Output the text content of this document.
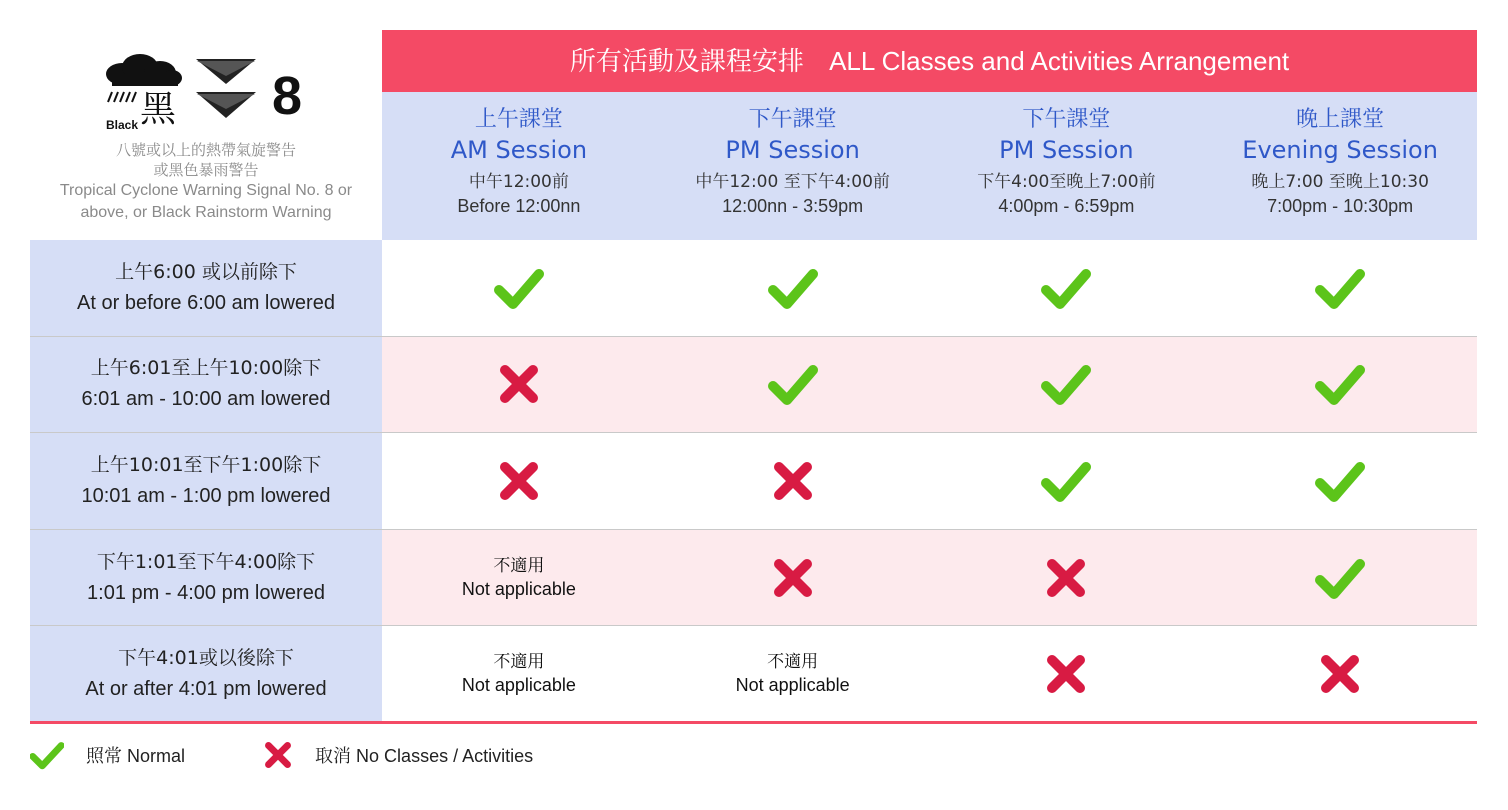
Black 黑 8
八號或以上的熱帶氣旋警告
或黑色暴雨警告
Tropical Cyclone Warning Signal No. 8 or above, or Black Rainstorm Warning
所有活動及課程安排 ALL Classes and Activities Arrangement
上午課堂
AM Session
中午12:00前
Before 12:00nn
下午課堂
PM Session
中午12:00 至下午4:00前
12:00nn - 3:59pm
下午課堂
PM Session
下午4:00至晚上7:00前
4:00pm - 6:59pm
晚上課堂
Evening Session
晚上7:00 至晚上10:30
7:00pm - 10:30pm
上午6:00 或以前除下
At or before 6:00 am lowered
上午6:01至上午10:00除下
6:01 am - 10:00 am lowered
上午10:01至下午1:00除下
10:01 am - 1:00 pm lowered
下午1:01至下午4:00除下
1:01 pm - 4:00 pm lowered
不適用
Not applicable
下午4:01或以後除下
At or after 4:01 pm lowered
不適用
Not applicable
不適用
Not applicable
照常 Normal	取消 No Classes / Activities
